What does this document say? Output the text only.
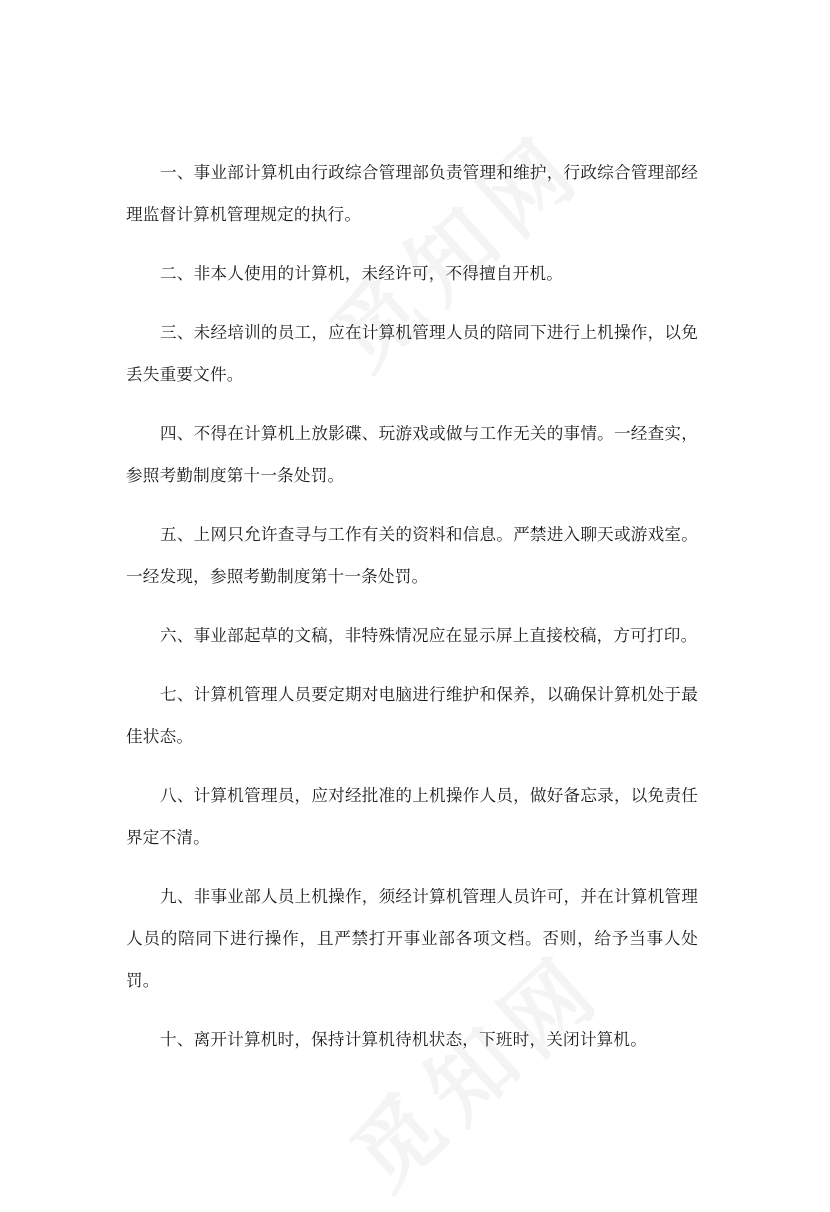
一、事业部计算机由行政综合管理部负责管理和维护，行政综合管理部经理监督计算机管理规定的执行。

二、非本人使用的计算机，未经许可，不得擅自开机。

三、未经培训的员工，应在计算机管理人员的陪同下进行上机操作，以免丢失重要文件。

四、不得在计算机上放影碟、玩游戏或做与工作无关的事情。一经查实，参照考勤制度第十一条处罚。

五、上网只允许查寻与工作有关的资料和信息。严禁进入聊天或游戏室。一经发现，参照考勤制度第十一条处罚。

六、事业部起草的文稿，非特殊情况应在显示屏上直接校稿，方可打印。

七、计算机管理人员要定期对电脑进行维护和保养，以确保计算机处于最佳状态。

八、计算机管理员，应对经批准的上机操作人员，做好备忘录，以免责任界定不清。

九、非事业部人员上机操作，须经计算机管理人员许可，并在计算机管理人员的陪同下进行操作，且严禁打开事业部各项文档。否则，给予当事人处罚。

十、离开计算机时，保持计算机待机状态，下班时，关闭计算机。
